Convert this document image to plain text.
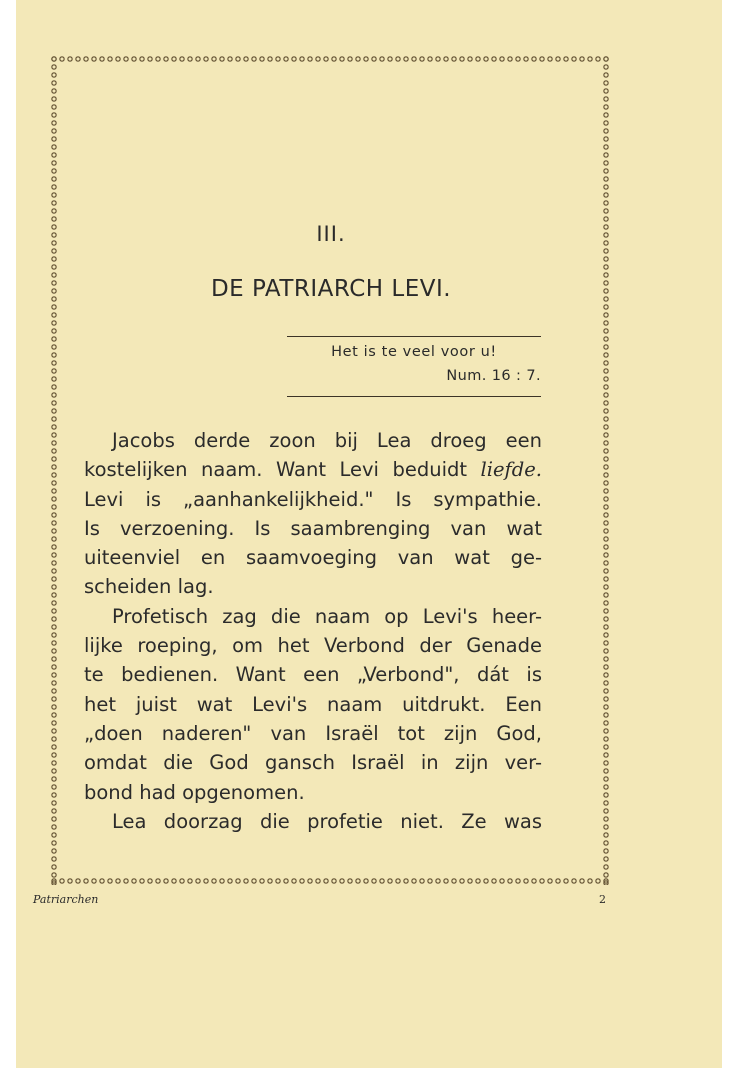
III.
DE PATRIARCH LEVI.
Het is te veel voor u!
Num. 16 : 7.
Jacobs derde zoon bij Lea droeg een
kostelijken naam. Want Levi beduidt liefde.
Levi is „aanhankelijkheid." Is sympathie.
Is verzoening. Is saambrenging van wat
uiteenviel en saamvoeging van wat ge-
scheiden lag.
Profetisch zag die naam op Levi's heer-
lijke roeping, om het Verbond der Genade
te bedienen. Want een „Verbond", dát is
het juist wat Levi's naam uitdrukt. Een
„doen naderen" van Israël tot zijn God,
omdat die God gansch Israël in zijn ver-
bond had opgenomen.
Lea doorzag die profetie niet. Ze was
Patriarchen	2
